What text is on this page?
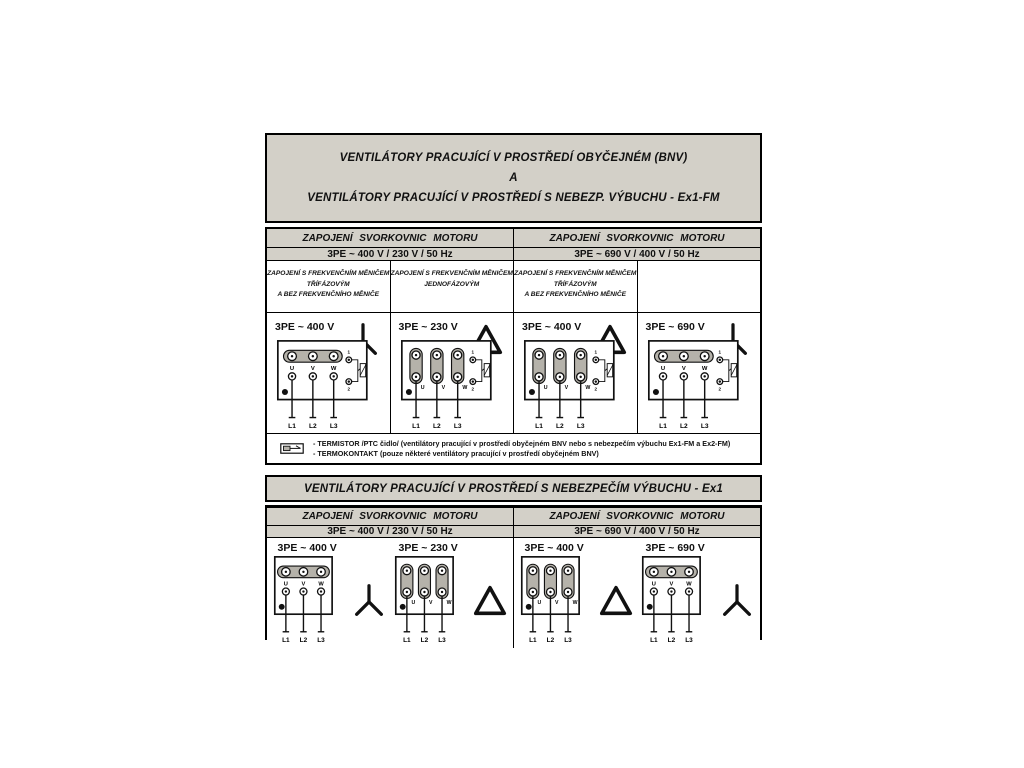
VENTILÁTORY PRACUJÍCÍ V PROSTŘEDÍ OBYČEJNÉM (BNV)
A
VENTILÁTORY PRACUJÍCÍ V PROSTŘEDÍ S NEBEZP. VÝBUCHU - Ex1-FM
ZAPOJENÍ SVORKOVNIC MOTORU
3PE ~ 400 V / 230 V / 50 Hz
ZAPOJENÍ SVORKOVNIC MOTORU
3PE ~ 690 V / 400 V / 50 Hz
ZAPOJENÍ S FREKVENČNÍM MĚNIČEM
TŘÍFÁZOVÝM
A BEZ FREKVENČNÍHO MĚNIČE
ZAPOJENÍ S FREKVENČNÍM MĚNIČEM
JEDNOFÁZOVÝM
ZAPOJENÍ S FREKVENČNÍM MĚNIČEM
TŘÍFÁZOVÝM
A BEZ FREKVENČNÍHO MĚNIČE
3PE ~ 400 V
U
L1
V
L2
W
L3
1
2
3PE ~ 230 V
U
L1
V
L2
W
L3
1
2
3PE ~ 400 V
U
L1
V
L2
W
L3
1
2
3PE ~ 690 V
U
L1
V
L2
W
L3
1
2
- TERMISTOR /PTC čidlo/ (ventilátory pracující v prostředí obyčejném BNV nebo s nebezpečím výbuchu Ex1-FM a Ex2-FM)
- TERMOKONTAKT (pouze některé ventilátory pracující v prostředí obyčejném BNV)
VENTILÁTORY PRACUJÍCÍ V PROSTŘEDÍ S NEBEZPEČÍM VÝBUCHU - Ex1
ZAPOJENÍ SVORKOVNIC MOTORU
3PE ~ 400 V / 230 V / 50 Hz
ZAPOJENÍ SVORKOVNIC MOTORU
3PE ~ 690 V / 400 V / 50 Hz
3PE ~ 400 V
U
L1
V
L2
W
L3
3PE ~ 230 V
U
L1
V
L2
W
L3
3PE ~ 400 V
U
L1
V
L2
W
L3
3PE ~ 690 V
U
L1
V
L2
W
L3
